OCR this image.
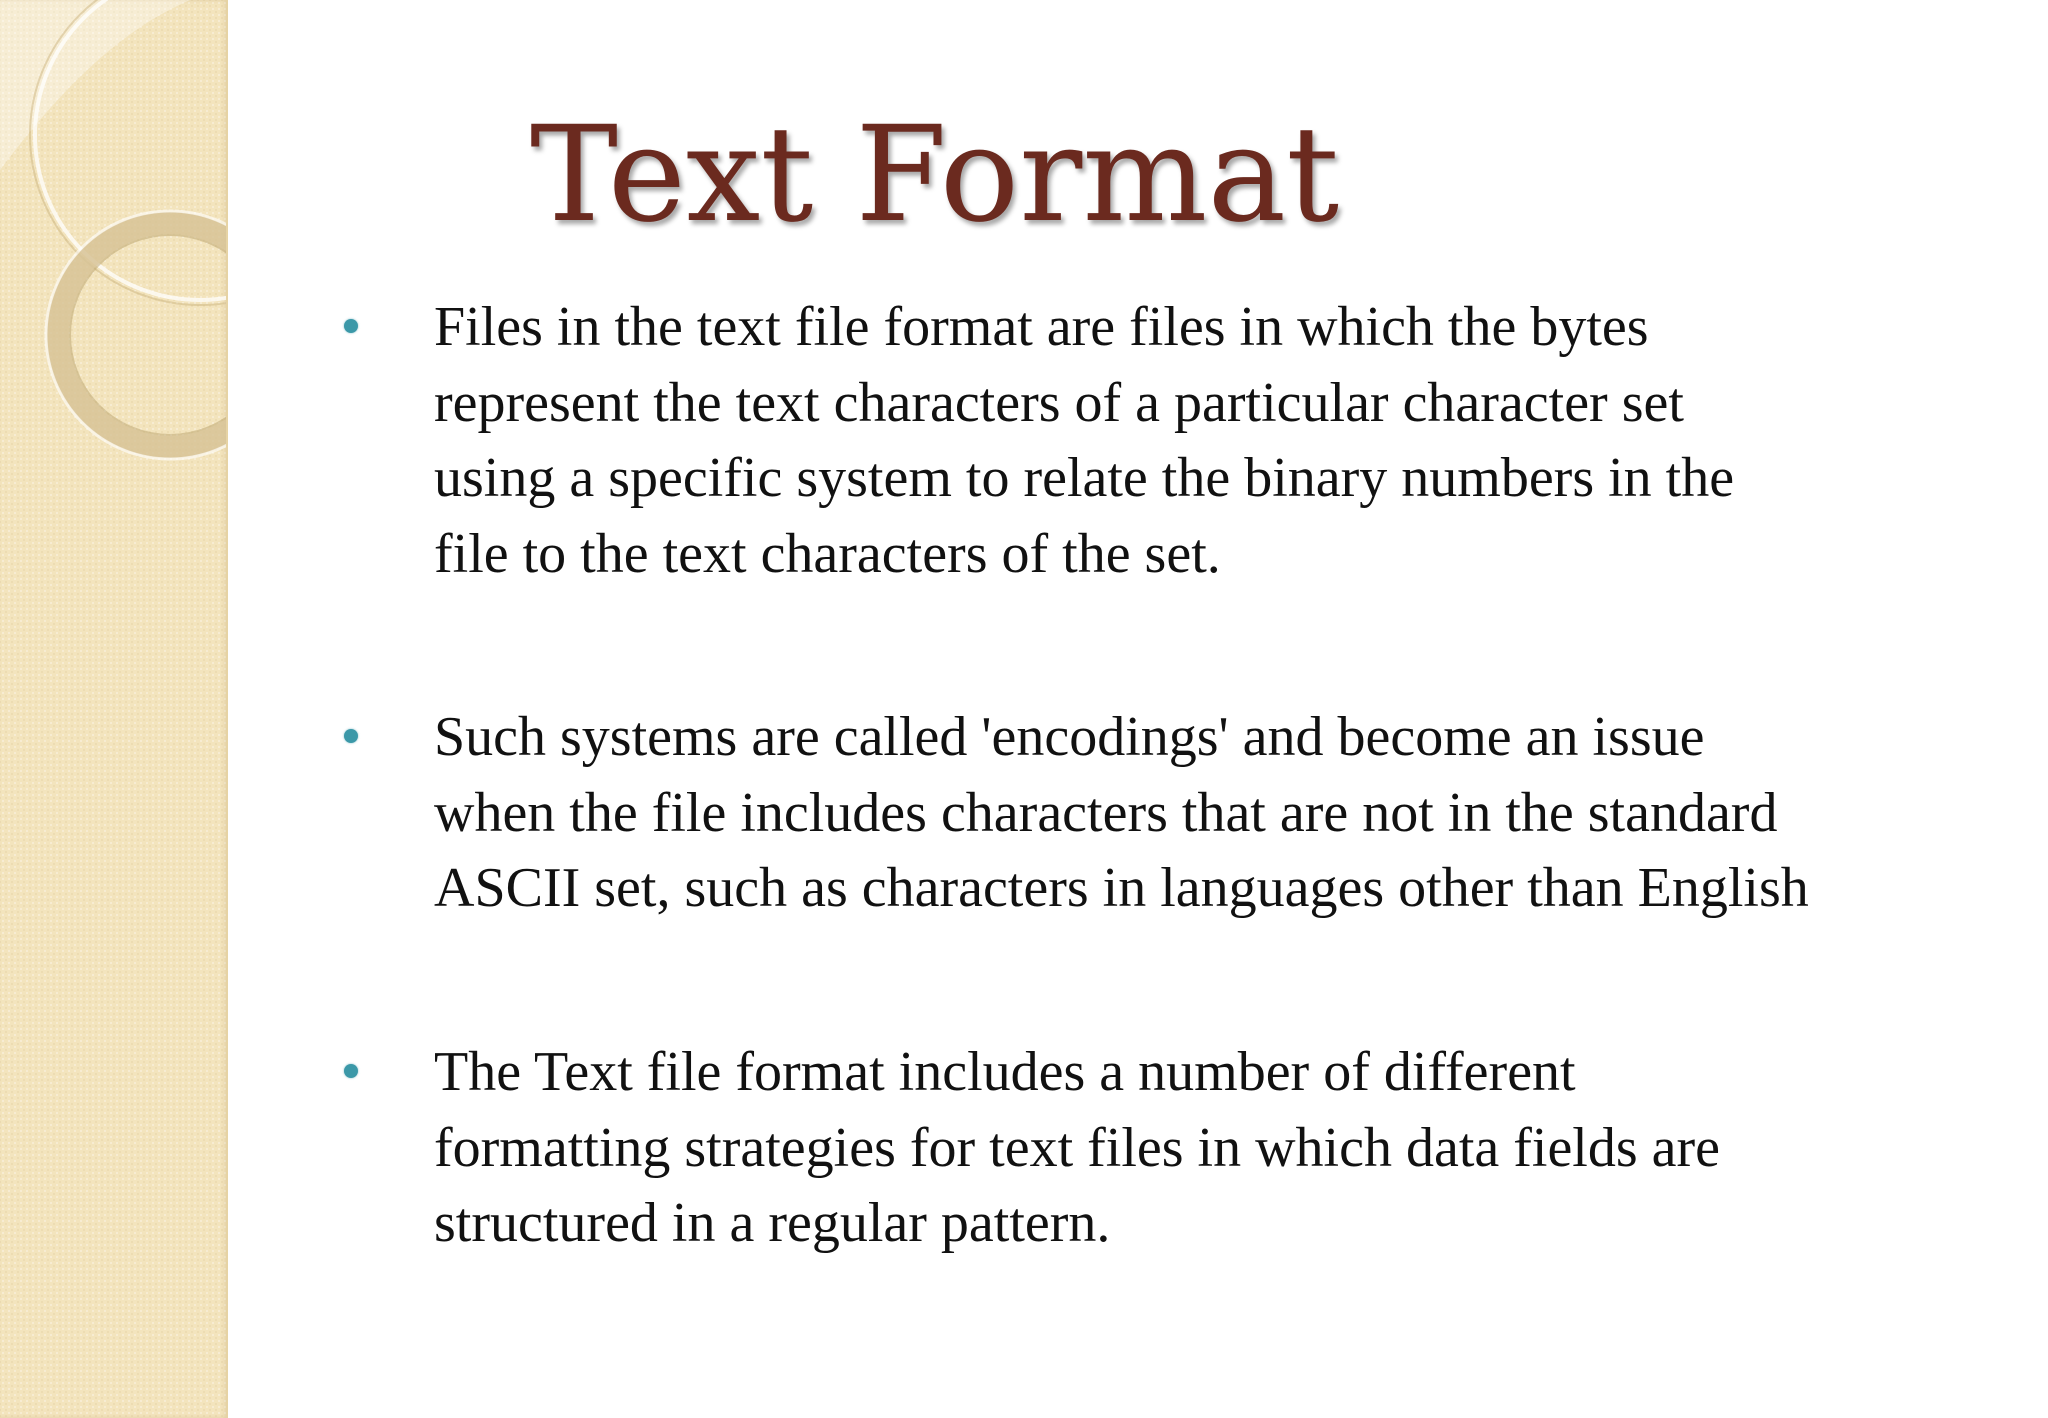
Text Format

Files in the text file format are files in which the bytes
represent the text characters of a particular character set
using a specific system to relate the binary numbers in the
file to the text characters of the set.

Such systems are called 'encodings' and become an issue
when the file includes characters that are not in the standard
ASCII set, such as characters in languages other than English

The Text file format includes a number of different
formatting strategies for text files in which data fields are
structured in a regular pattern.
